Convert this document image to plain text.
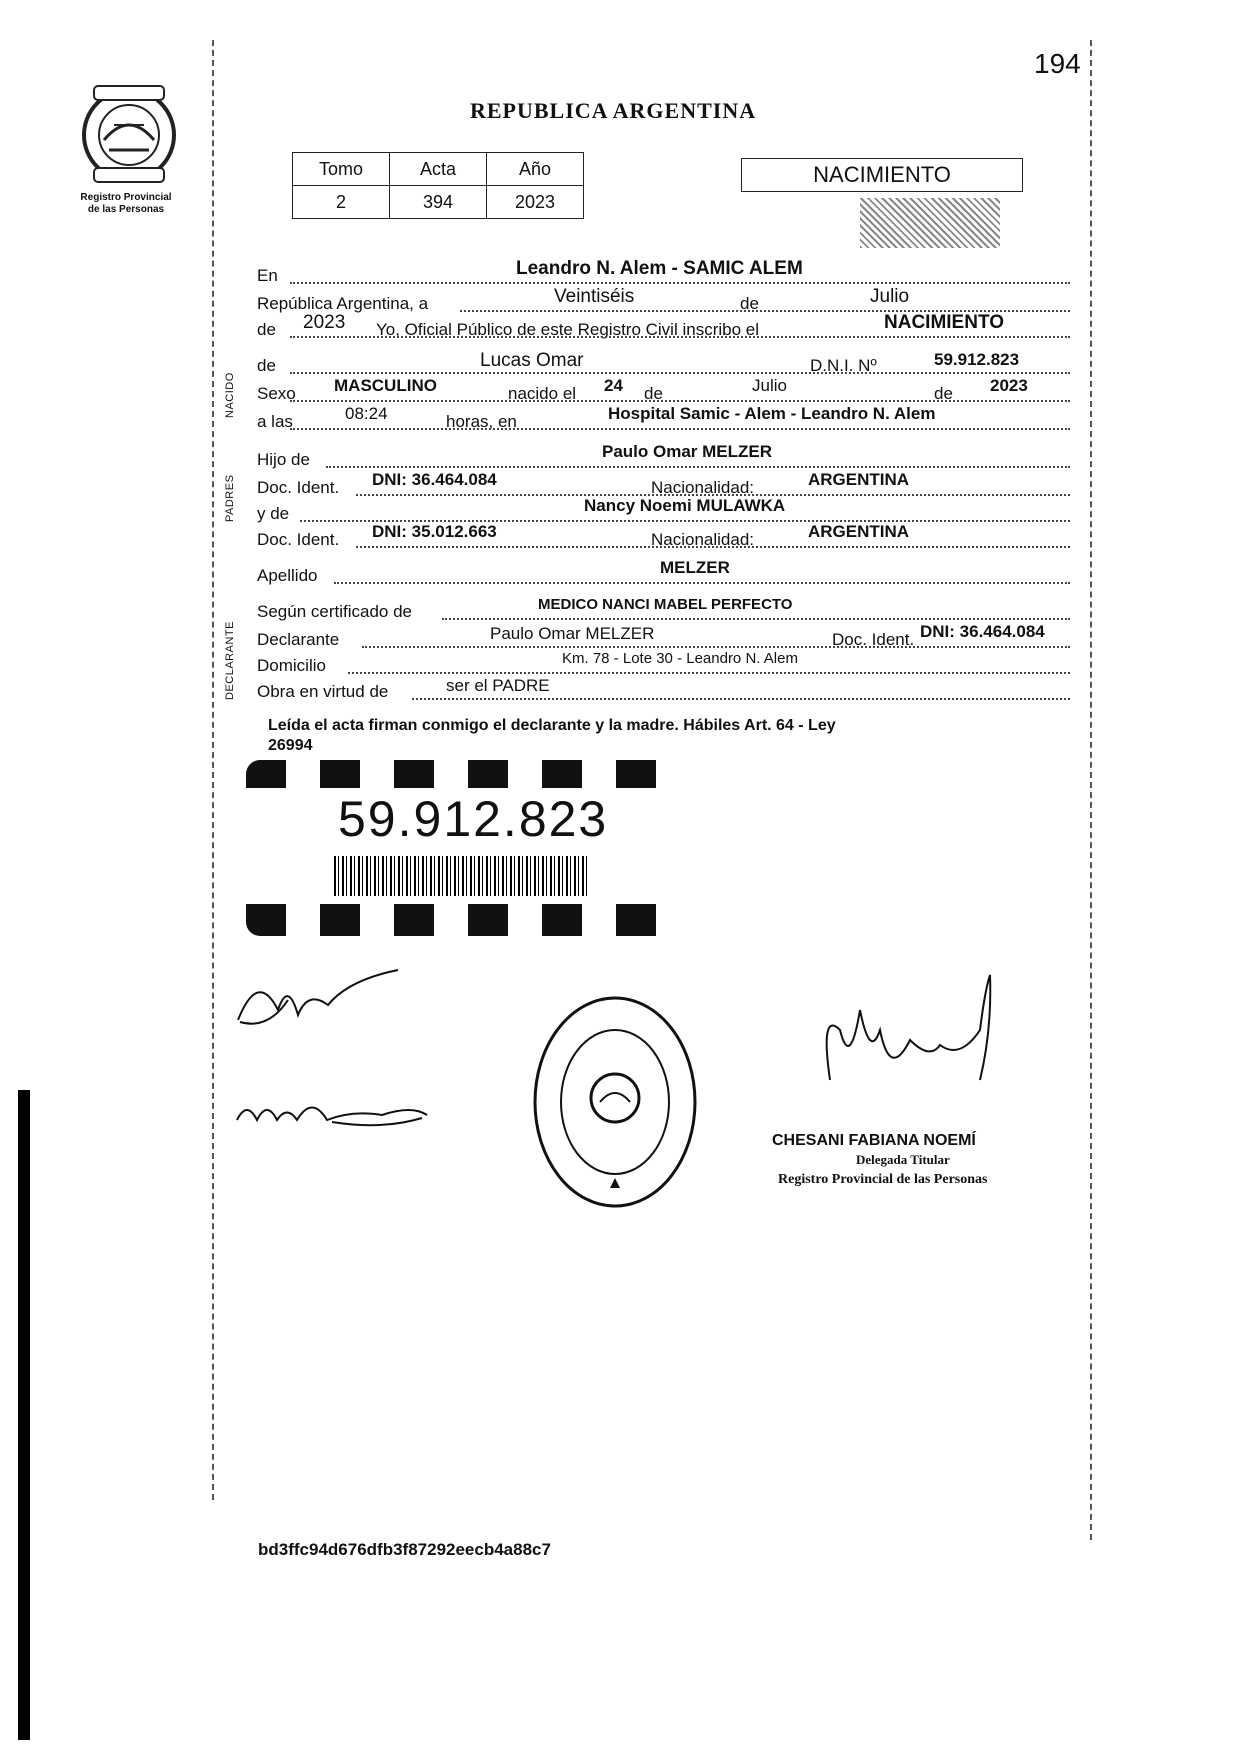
194
Registro Provincial
de las Personas
REPUBLICA ARGENTINA
Tomo	Acta	Año
2	394	2023
NACIMIENTO
En	Leandro N. Alem - SAMIC ALEM
República Argentina, a	Veintiséis	de	Julio
de 2023 Yo, Oficial Público de este Registro Civil inscribo el	NACIMIENTO
NACIDO
de	Lucas Omar	D.N.I. Nº	59.912.823
Sexo MASCULINO	nacido el 24 de	Julio	de 2023
a las	08:24	horas, en	Hospital Samic - Alem - Leandro N. Alem
PADRES
Hijo de	Paulo Omar MELZER
Doc. Ident. DNI: 36.464.084	Nacionalidad:	ARGENTINA
y de	Nancy Noemi MULAWKA
Doc. Ident. DNI: 35.012.663	Nacionalidad:	ARGENTINA
Apellido	MELZER
DECLARANTE
Según certificado de	MEDICO NANCI MABEL PERFECTO
Declarante	Paulo Omar MELZER	Doc. Ident. DNI: 36.464.084
Domicilio	Km. 78 - Lote 30 - Leandro N. Alem
Obra en virtud de	ser el PADRE
Leída el acta firman conmigo el declarante y la madre. Hábiles Art. 64 - Ley
26994
59.912.823
CHESANI FABIANA NOEMÍ
Delegada Titular
Registro Provincial de las Personas
bd3ffc94d676dfb3f87292eecb4a88c7
